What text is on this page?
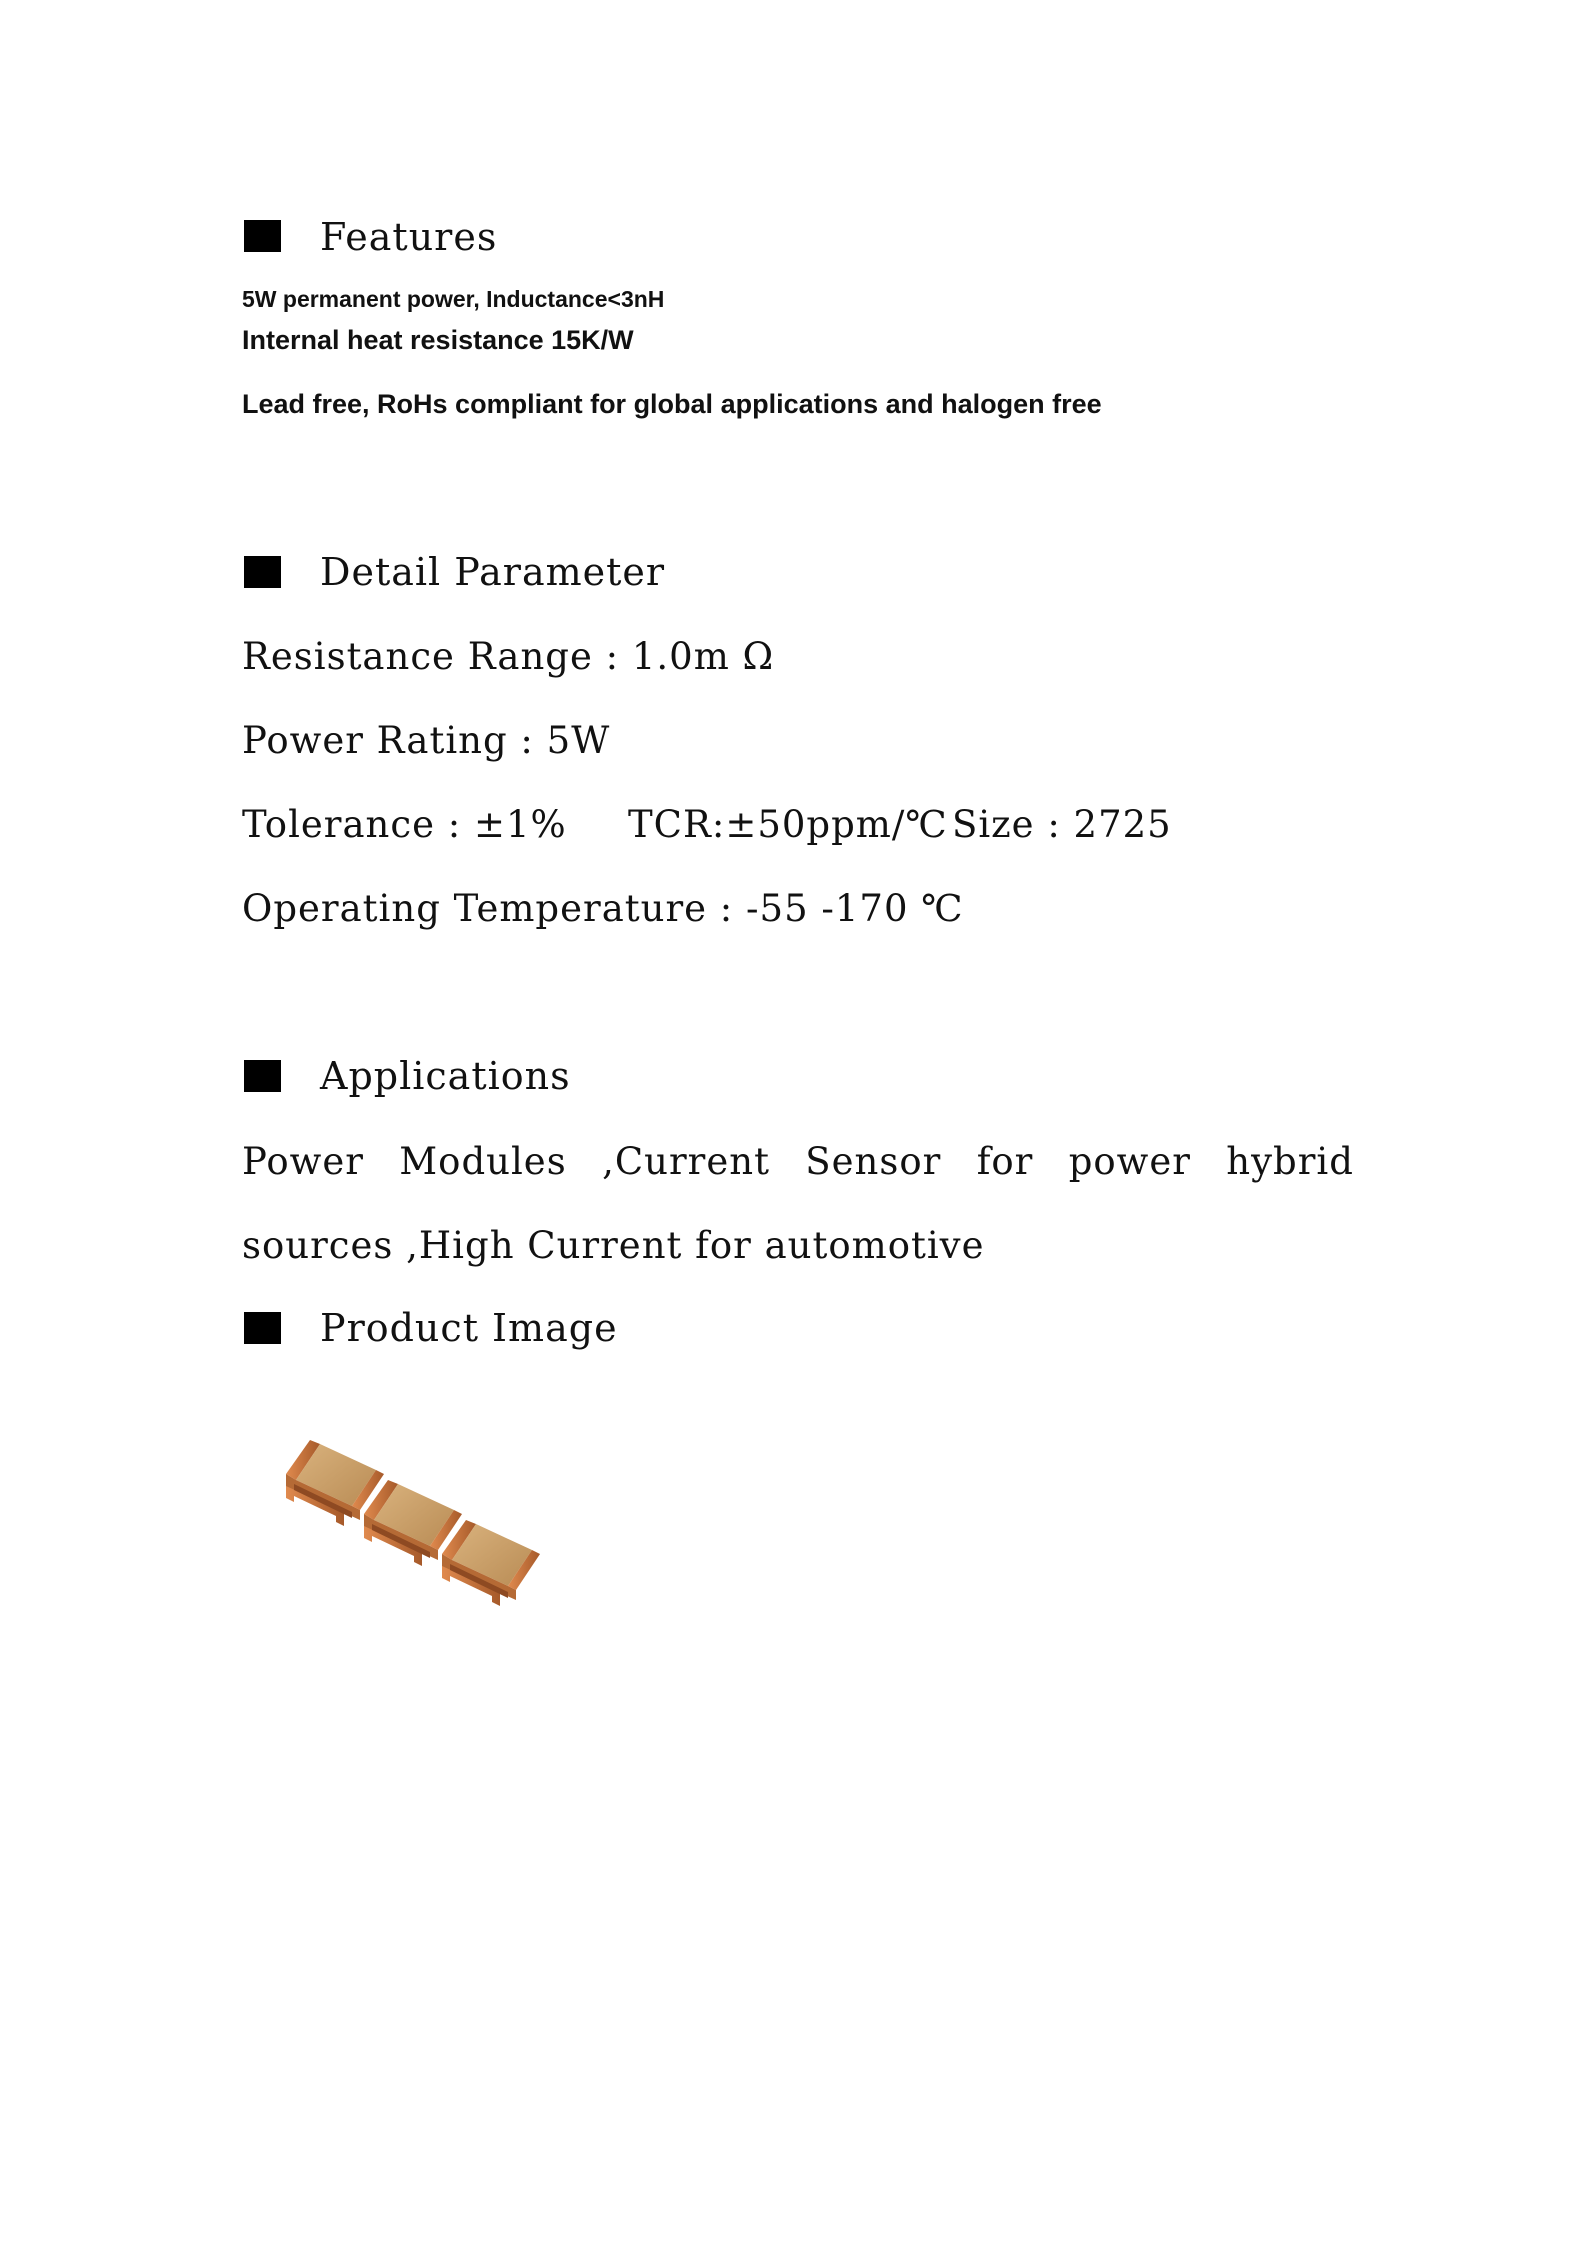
Features
5W permanent power, Inductance<3nH
Internal heat resistance 15K/W
Lead free, RoHs compliant for global applications and halogen free
Detail Parameter
Resistance Range : 1.0m Ω
Power Rating : 5W
Tolerance : ±1% TCR:±50ppm/℃ Size : 2725
Operating Temperature : -55 -170 ℃
Applications
Power Modules ,Current Sensor for power hybrid
sources ,High Current for automotive
Product Image
